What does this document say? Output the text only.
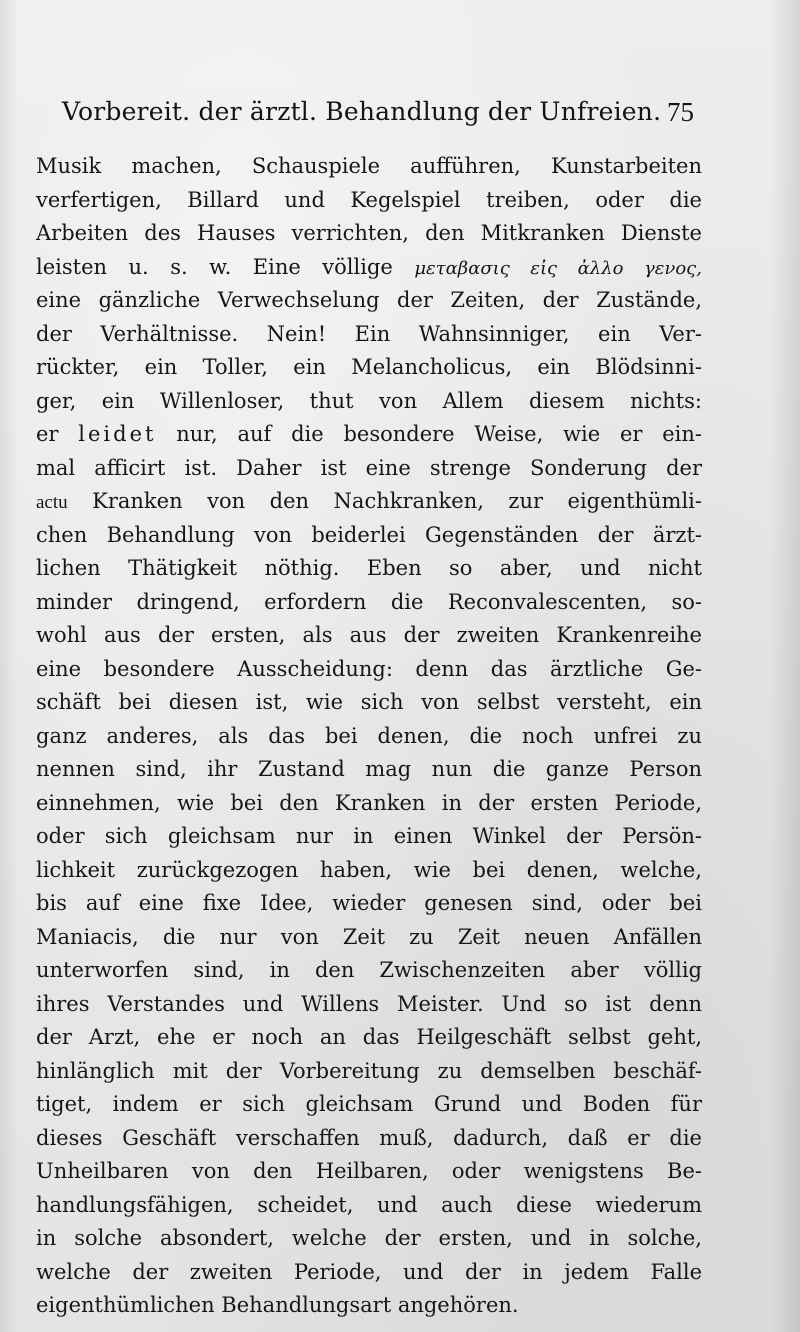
Vorbereit. der ärztl. Behandlung der Unfreien. 75
Musik machen, Schauspiele aufführen, Kunstarbeiten
verfertigen, Billard und Kegelspiel treiben, oder die
Arbeiten des Hauses verrichten, den Mitkranken Dienste
leisten u. s. w. Eine völlige μεταβασις εἰς ἀλλο γενος,
eine gänzliche Verwechselung der Zeiten, der Zustände,
der Verhältnisse. Nein! Ein Wahnsinniger, ein Ver-
rückter, ein Toller, ein Melancholicus, ein Blödsinni-
ger, ein Willenloser, thut von Allem diesem nichts:
er leidet nur, auf die besondere Weise, wie er ein-
mal afficirt ist. Daher ist eine strenge Sonderung der
actu Kranken von den Nachkranken, zur eigenthümli-
chen Behandlung von beiderlei Gegenständen der ärzt-
lichen Thätigkeit nöthig. Eben so aber, und nicht
minder dringend, erfordern die Reconvalescenten, so-
wohl aus der ersten, als aus der zweiten Krankenreihe
eine besondere Ausscheidung: denn das ärztliche Ge-
schäft bei diesen ist, wie sich von selbst versteht, ein
ganz anderes, als das bei denen, die noch unfrei zu
nennen sind, ihr Zustand mag nun die ganze Person
einnehmen, wie bei den Kranken in der ersten Periode,
oder sich gleichsam nur in einen Winkel der Persön-
lichkeit zurückgezogen haben, wie bei denen, welche,
bis auf eine fixe Idee, wieder genesen sind, oder bei
Maniacis, die nur von Zeit zu Zeit neuen Anfällen
unterworfen sind, in den Zwischenzeiten aber völlig
ihres Verstandes und Willens Meister. Und so ist denn
der Arzt, ehe er noch an das Heilgeschäft selbst geht,
hinlänglich mit der Vorbereitung zu demselben beschäf-
tiget, indem er sich gleichsam Grund und Boden für
dieses Geschäft verschaffen muß, dadurch, daß er die
Unheilbaren von den Heilbaren, oder wenigstens Be-
handlungsfähigen, scheidet, und auch diese wiederum
in solche absondert, welche der ersten, und in solche,
welche der zweiten Periode, und der in jedem Falle
eigenthümlichen Behandlungsart angehören.
